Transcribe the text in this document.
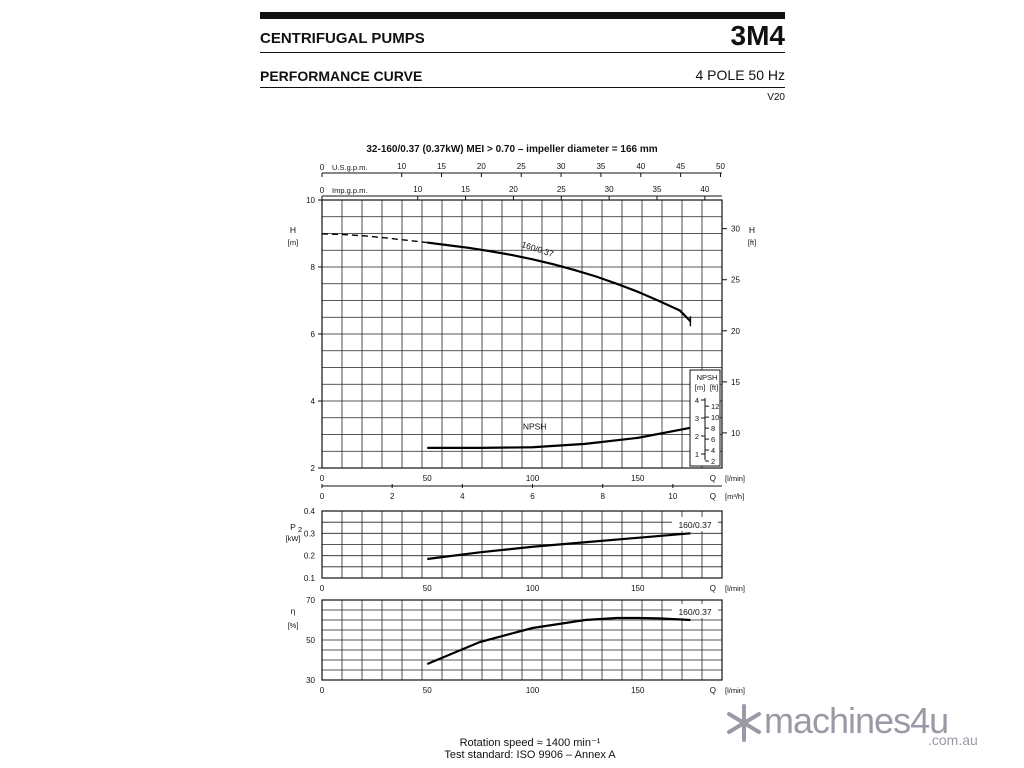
CENTRIFUGAL PUMPS	3M4
PERFORMANCE CURVE	4 POLE 50 Hz
V20
32-160/0.37 (0.37kW) MEI > 0.70 – impeller diameter = 166 mm
2
4
6
8
10
H
[m]
10
15
20
25
30 H
[ft]
0	10	15	20	25	30	35	40	45	50
U.S.g.p.m.
0	10	15	20	25	30	35	40
Imp.g.p.m.
0	50	100	150	Q [l/min]
0	2	4	6	8	10	Q [m³/h]
160/0.37
NPSH
NPSH
[m] [ft]
1
2
3
4
2
4
6
8
10
12
0.1
0.2
0.3
0.4
P 2
[kW]
160/0.37
0	50	100	150	Q [l/min]
30
50
70
η
[%]
160/0.37
0	50	100	150	Q [l/min]
Rotation speed ≈ 1400 min⁻¹
Test standard: ISO 9906 – Annex A
machines4u
.com.au
